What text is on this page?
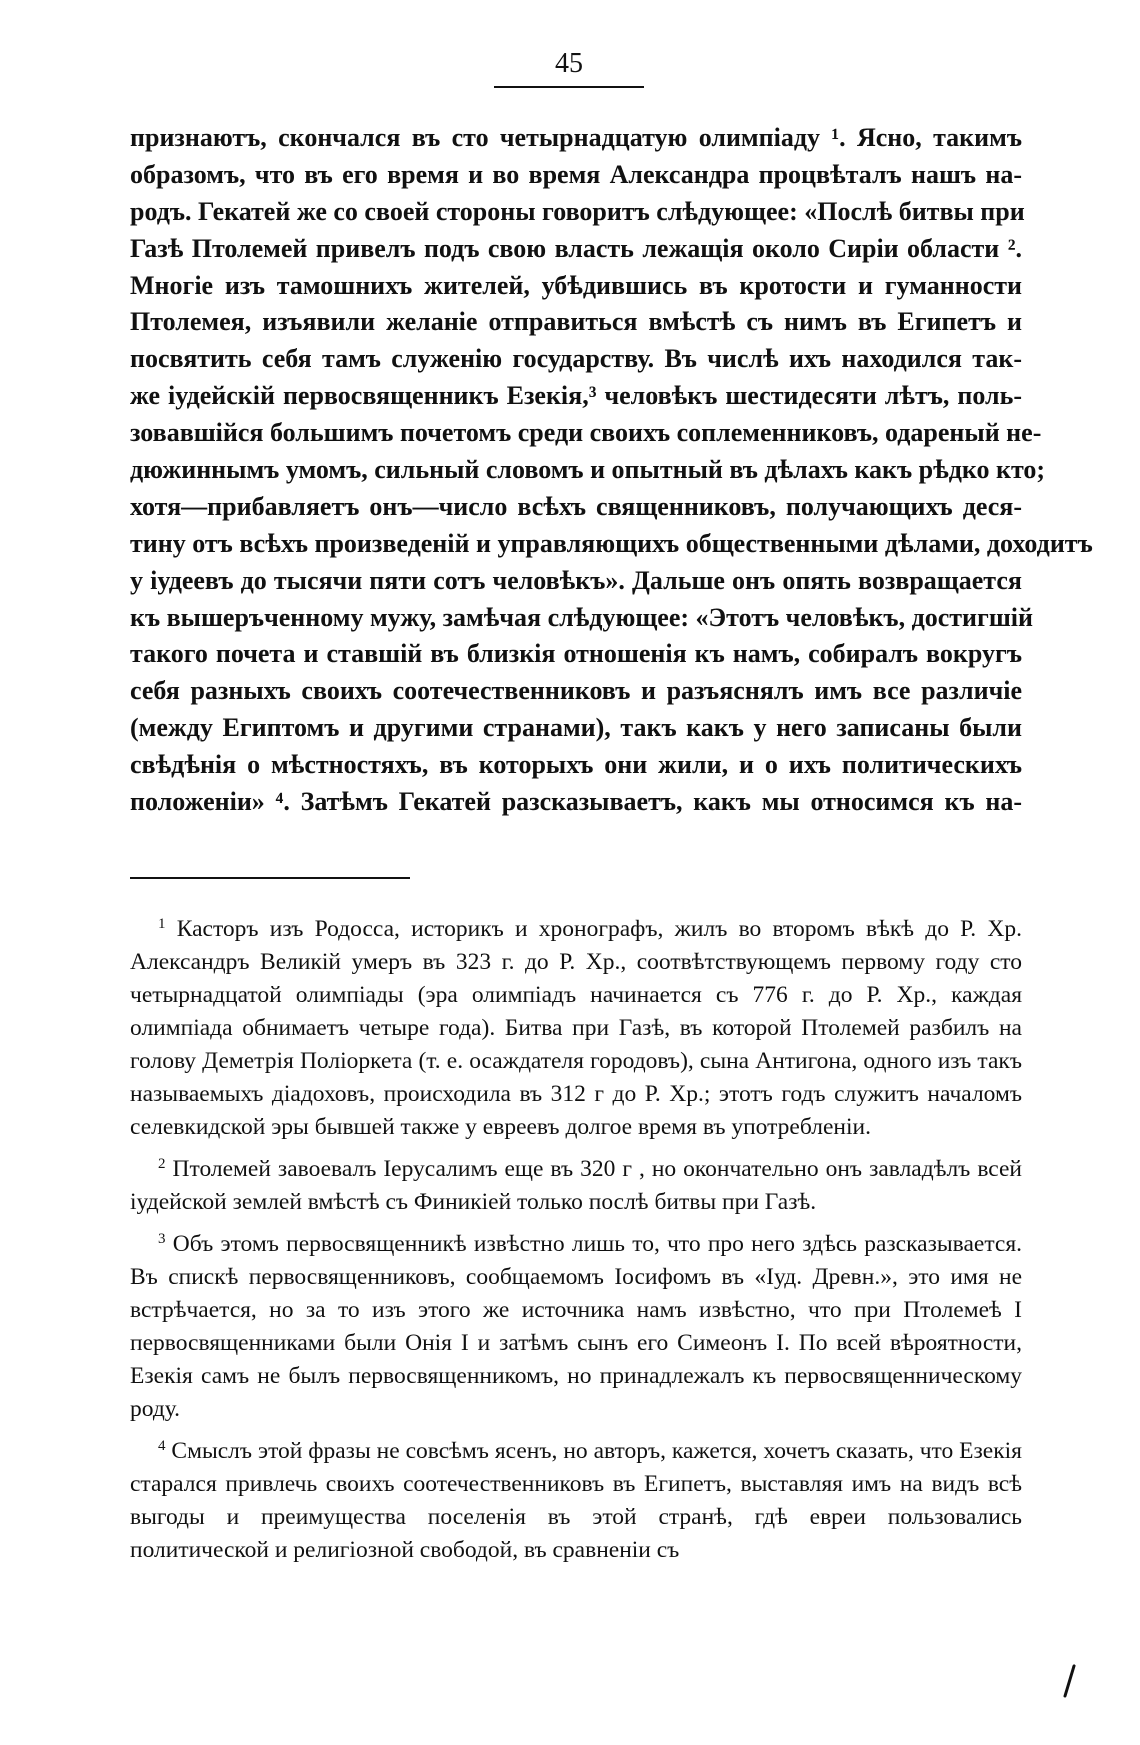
45
признаютъ, скончался въ сто четырнадцатую олимпіаду ¹. Ясно, такимъ
образомъ, что въ его время и во время Александра процвѣталъ нашъ на-
родъ. Гекатей же со своей стороны говоритъ слѣдующее: «Послѣ битвы при
Газѣ Птолемей привелъ подъ свою власть лежащія около Сиріи области ².
Многіе изъ тамошнихъ жителей, убѣдившись въ кротости и гуманности
Птолемея, изъявили желаніе отправиться вмѣстѣ съ нимъ въ Египетъ и
посвятить себя тамъ служенію государству. Въ числѣ ихъ находился так-
же іудейскій первосвященникъ Езекія,³ человѣкъ шестидесяти лѣтъ, поль-
зовавшійся большимъ почетомъ среди своихъ соплеменниковъ, одареный не-
дюжиннымъ умомъ, сильный словомъ и опытный въ дѣлахъ какъ рѣдко кто;
хотя—прибавляетъ онъ—число всѣхъ священниковъ, получающихъ деся-
тину отъ всѣхъ произведеній и управляющихъ общественными дѣлами, доходитъ
у іудеевъ до тысячи пяти сотъ человѣкъ». Дальше онъ опять возвращается
къ вышеръченному мужу, замѣчая слѣдующее: «Этотъ человѣкъ, достигшій
такого почета и ставшій въ близкія отношенія къ намъ, собиралъ вокругъ
себя разныхъ своихъ соотечественниковъ и разъяснялъ имъ все различіе
(между Египтомъ и другими странами), такъ какъ у него записаны были
свѣдѣнія о мѣстностяхъ, въ которыхъ они жили, и о ихъ политическихъ
положеніи» ⁴. Затѣмъ Гекатей разсказываетъ, какъ мы относимся къ на-

$^1$ Касторъ изъ Родосса, историкъ и хронографъ, жилъ во второмъ вѣкѣ до Р. Хр. Александръ Великій умеръ въ 323 г. до Р. Хр., соотвѣтствующемъ первому году сто четырнадцатой олимпіады (эра олимпіадъ начинается съ 776 г. до Р. Хр., каждая олимпіада обнимаетъ четыре года). Битва при Газѣ, въ которой Птолемей разбилъ на голову Деметрія Поліоркета (т. е. осаждателя городовъ), сына Антигона, одного изъ такъ называемыхъ діадоховъ, происходила въ 312 г до Р. Хр.; этотъ годъ служитъ началомъ селевкидской эры бывшей также у евреевъ долгое время въ употребленіи.

$^2$ Птолемей завоевалъ Іерусалимъ еще въ 320 г , но окончательно онъ завладѣлъ всей іудейской землей вмѣстѣ съ Финикіей только послѣ битвы при Газѣ.

$^3$ Объ этомъ первосвященникѣ извѣстно лишь то, что про него здѣсь разсказывается. Въ спискѣ первосвященниковъ, сообщаемомъ Іосифомъ въ «Iуд. Древн.», это имя не встрѣчается, но за то изъ этого же источника намъ извѣстно, что при Птолемеѣ I первосвященниками были Онія I и затѣмъ сынъ его Симеонъ I. По всей вѣроятности, Езекія самъ не былъ первосвященникомъ, но принадлежалъ къ первосвященническому роду.

$^4$ Смыслъ этой фразы не совсѣмъ ясенъ, но авторъ, кажется, хочетъ сказать, что Езекія старался привлечь своихъ соотечественниковъ въ Египетъ, выставляя имъ на видъ всѣ выгоды и преимущества поселенія въ этой странѣ, гдѣ евреи пользовались политической и религіозной свободой, въ сравненіи съ
